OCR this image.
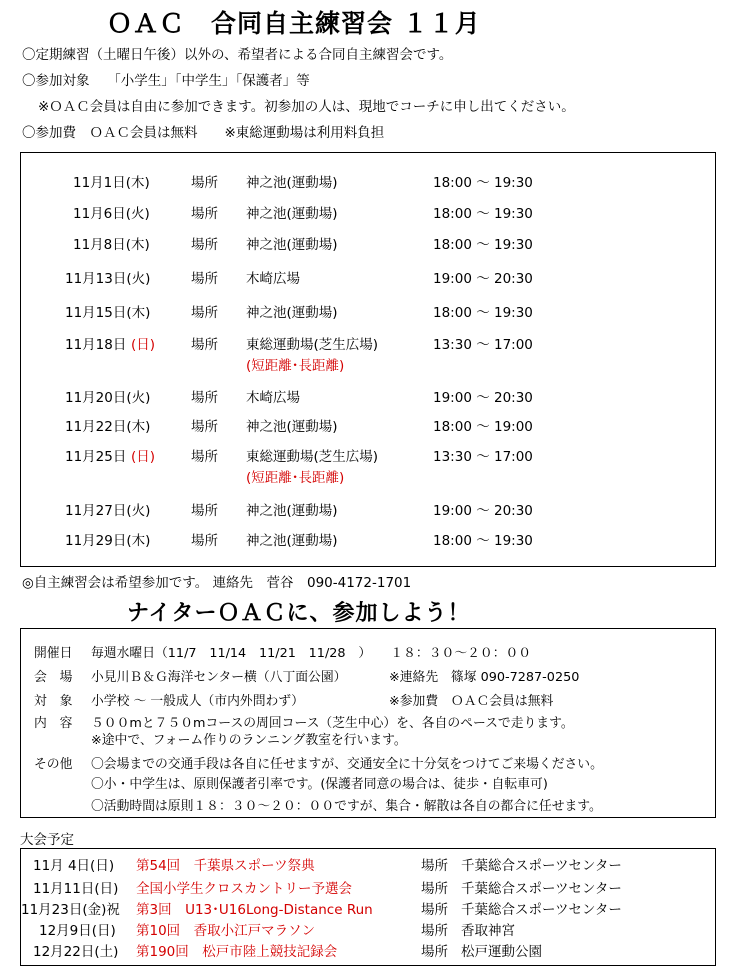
ＯＡＣ　合同自主練習会 １１月
〇定期練習（土曜日午後）以外の、希望者による合同自主練習会です。
〇参加対象　 「小学生」「中学生」「保護者」等
※ＯＡＣ会員は自由に参加できます。初参加の人は、現地でコーチに申し出てください。
〇参加費　ＯＡＣ会員は無料　　※東総運動場は利用料負担
11月1日(木)	場所 神之池(運動場)	18:00 ～ 19:30
11月6日(火)	場所 神之池(運動場)	18:00 ～ 19:30
11月8日(木)	場所 神之池(運動場)	18:00 ～ 19:30
11月13日(火)	場所 木崎広場	19:00 ～ 20:30
11月15日(木)	場所 神之池(運動場)	18:00 ～ 19:30
11月18日 (日)	場所 東総運動場(芝生広場)	13:30 ～ 17:00
(短距離･長距離)
11月20日(火)	場所 木崎広場	19:00 ～ 20:30
11月22日(木)	場所 神之池(運動場)	18:00 ～ 19:00
11月25日 (日)	場所 東総運動場(芝生広場)	13:30 ～ 17:00
(短距離･長距離)
11月27日(火)	場所 神之池(運動場)	19:00 ～ 20:30
11月29日(木)	場所 神之池(運動場)	18:00 ～ 19:30
◎自主練習会は希望参加です。 連絡先　菅谷　090-4172-1701
ナイターＯＡＣに、参加しよう！
開催日 毎週水曜日（11/7　11/14　11/21　11/28　）　　１８：３０～２０：００
会　場 小見川Ｂ＆Ｇ海洋センター横（八丁面公園）	※連絡先　篠塚 090-7287-0250
対　象 小学校 ～ 一般成人（市内外問わず）	※参加費　ＯＡＣ会員は無料
内　容 ５００mと７５０mコースの周回コース（芝生中心）を、各自のペースで走ります。
※途中で、フォーム作りのランニング教室を行います。
その他 〇会場までの交通手段は各自に任せますが、交通安全に十分気をつけてご来場ください。
〇小・中学生は、原則保護者引率です。(保護者同意の場合は、徒歩・自転車可)
〇活動時間は原則１８：３０～２０：００ですが、集合・解散は各自の都合に任せます。
大会予定
11月 4日(日) 第54回　千葉県スポーツ祭典	場所 千葉総合スポーツセンター
11月11日(日) 全国小学生クロスカントリー予選会	場所 千葉総合スポーツセンター
11月23日(金)祝 第3回　U13･U16Long-Distance Run	場所 千葉総合スポーツセンター
12月9日(日) 第10回　香取小江戸マラソン	場所 香取神宮
12月22日(土) 第190回　松戸市陸上競技記録会	場所 松戸運動公園
